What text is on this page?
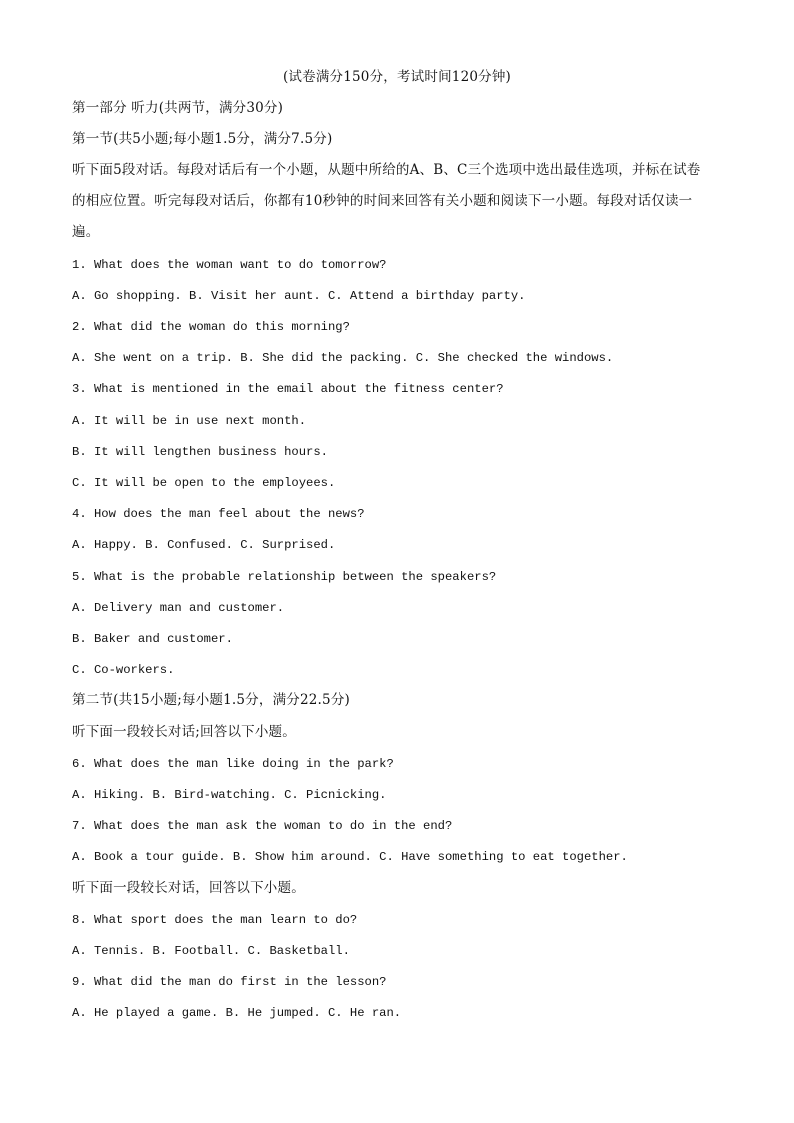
(试卷满分150分，考试时间120分钟)
第一部分 听力(共两节，满分30分)
第一节(共5小题;每小题1.5分，满分7.5分)
听下面5段对话。每段对话后有一个小题，从题中所给的A、B、C三个选项中选出最佳选项，并标在试卷
的相应位置。听完每段对话后，你都有10秒钟的时间来回答有关小题和阅读下一小题。每段对话仅读一
遍。
1. What does the woman want to do tomorrow?
A. Go shopping. B. Visit her aunt. C. Attend a birthday party.
2. What did the woman do this morning?
A. She went on a trip. B. She did the packing. C. She checked the windows.
3. What is mentioned in the email about the fitness center?
A. It will be in use next month.
B. It will lengthen business hours.
C. It will be open to the employees.
4. How does the man feel about the news?
A. Happy. B. Confused. C. Surprised.
5. What is the probable relationship between the speakers?
A. Delivery man and customer.
B. Baker and customer.
C. Co-workers.
第二节(共15小题;每小题1.5分，满分22.5分)
听下面一段较长对话;回答以下小题。
6. What does the man like doing in the park?
A. Hiking. B. Bird-watching. C. Picnicking.
7. What does the man ask the woman to do in the end?
A. Book a tour guide. B. Show him around. C. Have something to eat together.
听下面一段较长对话，回答以下小题。
8. What sport does the man learn to do?
A. Tennis. B. Football. C. Basketball.
9. What did the man do first in the lesson?
A. He played a game. B. He jumped. C. He ran.
